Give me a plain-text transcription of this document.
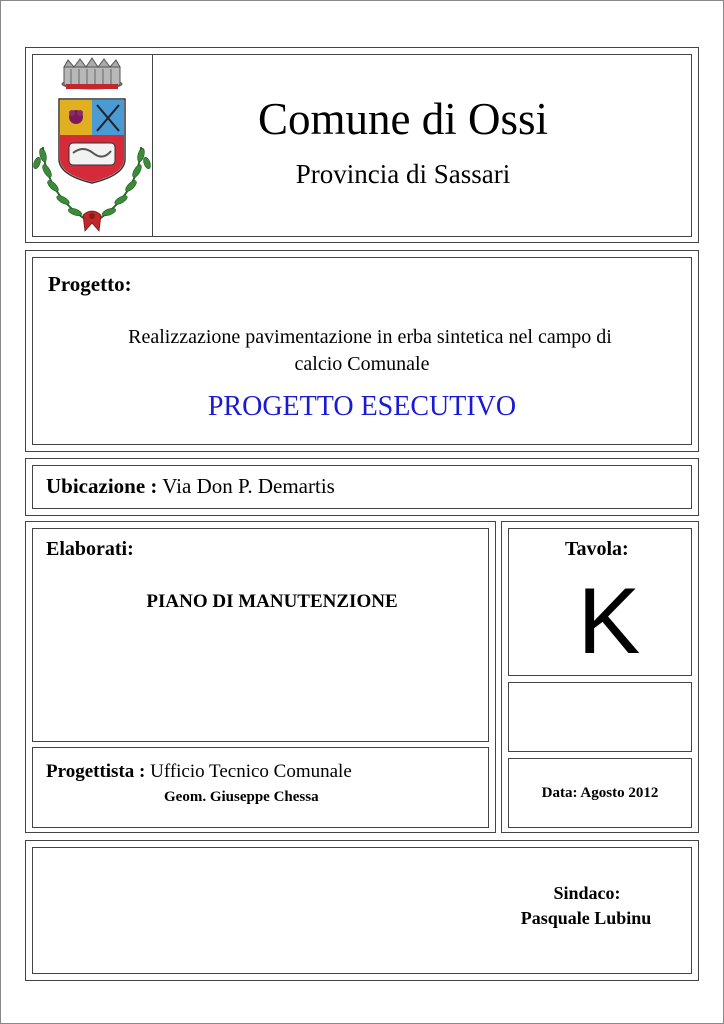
Comune di Ossi
Provincia di Sassari
Progetto:
Realizzazione pavimentazione in erba sintetica nel campo di
calcio Comunale
PROGETTO ESECUTIVO
Ubicazione : Via Don P. Demartis
Elaborati:
PIANO DI MANUTENZIONE
Progettista : Ufficio Tecnico Comunale
Geom. Giuseppe Chessa
Tavola:
K
Data: Agosto 2012
Sindaco:
Pasquale Lubinu
